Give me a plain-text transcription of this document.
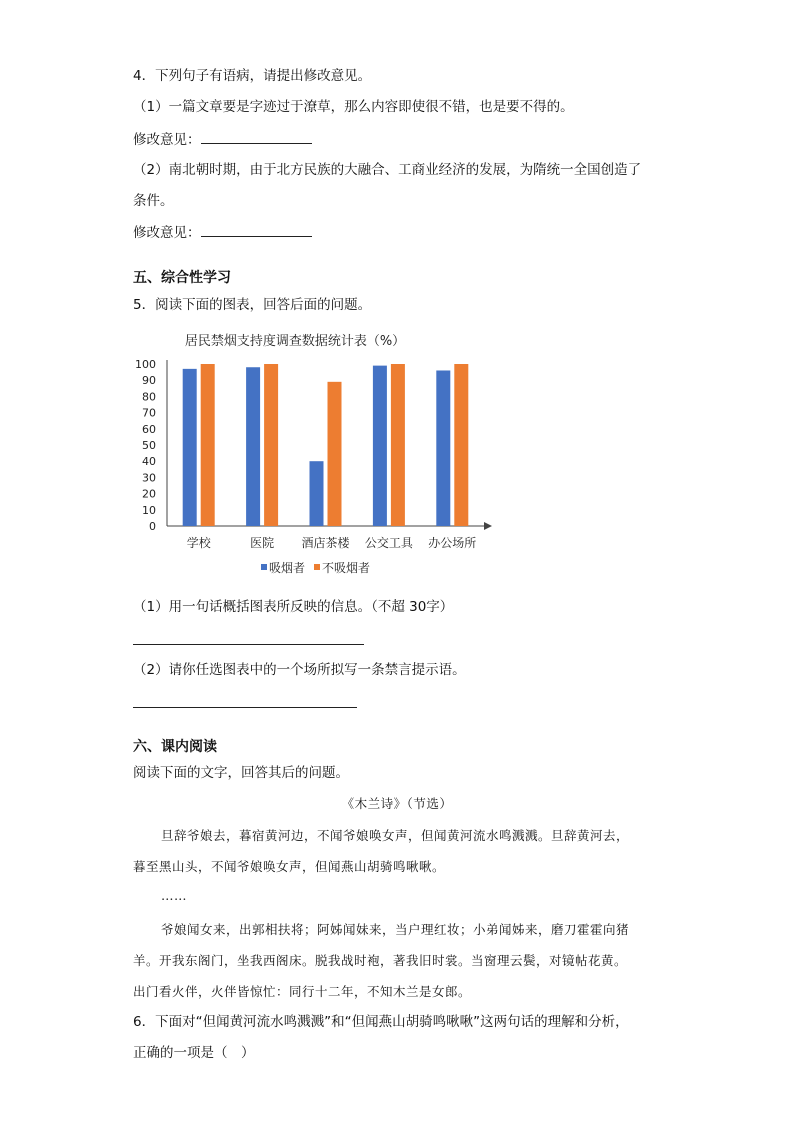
4．下列句子有语病，请提出修改意见。
（1）一篇文章要是字迹过于潦草，那么内容即使很不错，也是要不得的。
修改意见：
（2）南北朝时期，由于北方民族的大融合、工商业经济的发展，为隋统一全国创造了
条件。
修改意见：
五、综合性学习
5．阅读下面的图表，回答后面的问题。
居民禁烟支持度调查数据统计表（%）
0
10
20
30
40
50
60
70
80
90
100
学校	医院 酒店茶楼 公交工具 办公场所
吸烟者 不吸烟者
（1）用一句话概括图表所反映的信息。（不超 30字）
（2）请你任选图表中的一个场所拟写一条禁言提示语。
六、课内阅读
阅读下面的文字，回答其后的问题。
《木兰诗》（节选）
旦辞爷娘去，暮宿黄河边，不闻爷娘唤女声，但闻黄河流水鸣溅溅。旦辞黄河去，
暮至黑山头，不闻爷娘唤女声，但闻燕山胡骑鸣啾啾。
……
爷娘闻女来，出郭相扶将；阿姊闻妹来，当户理红妆；小弟闻姊来，磨刀霍霍向猪
羊。开我东阁门，坐我西阁床。脱我战时袍，著我旧时裳。当窗理云鬓，对镜帖花黄。
出门看火伴，火伴皆惊忙：同行十二年，不知木兰是女郎。
6．下面对“但闻黄河流水鸣溅溅”和“但闻燕山胡骑鸣啾啾”这两句话的理解和分析，
正确的一项是（　）
